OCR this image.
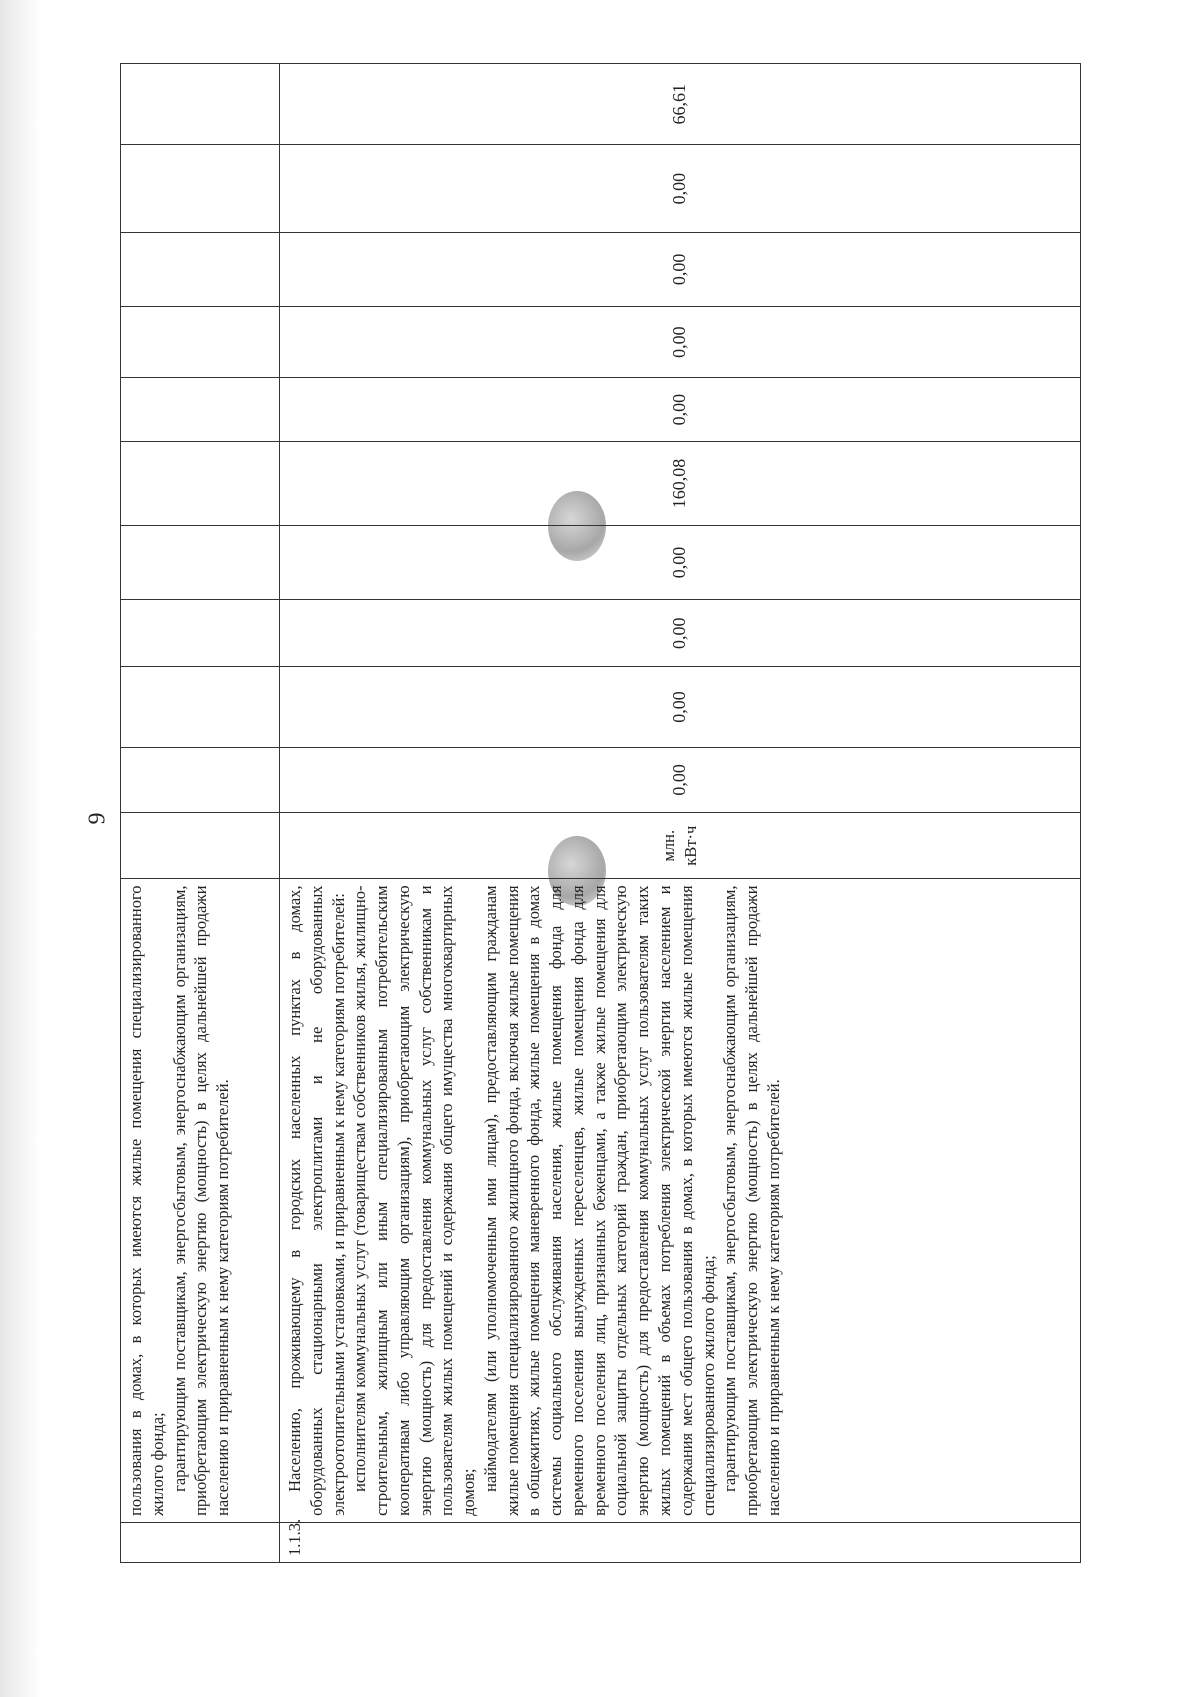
9

	пользования в домах, в которых имеются жилые помещения специализированного жилого фонда; гарантирующим поставщикам, энергосбытовым, энергоснабжающим организациям, приобретающим электрическую энергию (мощность) в целях дальнейшей продажи населению и приравненным к нему категориям потребителей.											

1.1.3.	Населению, проживающему в городских населенных пунктах в домах, оборудованных стационарными электроплитами и не оборудованных электроотопительными установками, и приравненным к нему категориям потребителей: исполнителям коммунальных услуг (товариществам собственников жилья, жилищно-строительным, жилищным или иным специализированным потребительским кооперативам либо управляющим организациям), приобретающим электрическую энергию (мощность) для предоставления коммунальных услуг собственникам и пользователям жилых помещений и содержания общего имущества многоквартирных домов;

наймодателям (или уполномоченным ими лицам), предоставляющим гражданам жилые помещения специализированного жилищного фонда, включая жилые помещения в общежитиях, жилые помещения маневренного фонда, жилые помещения в домах системы социального обслуживания населения, жилые помещения фонда для временного поселения вынужденных переселенцев, жилые помещения фонда для временного поселения лиц, признанных беженцами, а также жилые помещения для социальной защиты отдельных категорий граждан, приобретающим электрическую энергию (мощность) для предоставления коммунальных услуг пользователям таких жилых помещений в объемах потребления электрической энергии населением и содержания мест общего пользования в домах, в которых имеются жилые помещения специализированного жилого фонда; гарантирующим поставщикам, энергосбытовым, энергоснабжающим организациям, приобретающим электрическую энергию (мощность) в целях дальнейшей продажи населению и приравненным к нему категориям потребителей.	млн. кВт·ч	0,00	0,00	0,00	0,00	160,08	0,00	0,00	0,00	0,00	66,61
